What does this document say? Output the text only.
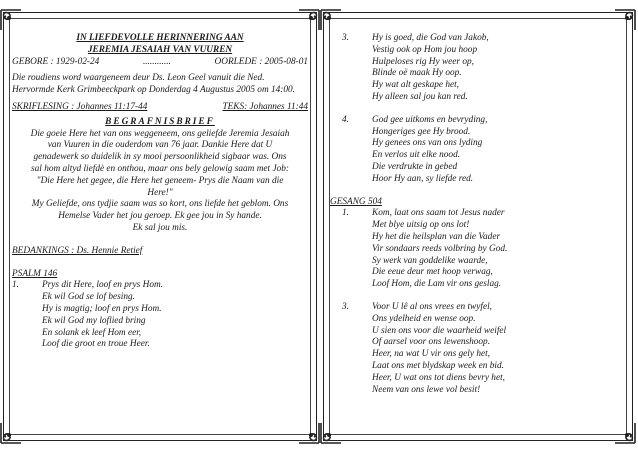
IN LIEFDEVOLLE HERINNERING AAN
JEREMIA JESAIAH VAN VUUREN
GEBORE : 1929-02-24	............	OORLEDE : 2005-08-01
Die roudiens word waargeneem deur Ds. Leon Geel vanuit die Ned. Hervormde Kerk Grimbeeckpark op Donderdag 4 Augustus 2005 om 14:00.
SKRIFLESING : Johannes 11:17-44	TEKS: Johannes 11:44
BEGRAFNISBRIEF
Die goeie Here het van ons weggeneem, ons geliefde Jeremia Jesaiah
van Vuuren in die ouderdom van 76 jaar. Dankie Here dat U
genadewerk so duidelik in sy mooi persoonlikheid sigbaar was. Ons
sal hom altyd liefdè en onthou, maar ons bely gelowig saam met Job:
"Die Here het gegee, die Here het geneem- Prys die Naam van die
Here!"
My Geliefde, ons tydjie saam was so kort, ons liefde het geblom. Ons
Hemelse Vader het jou geroep. Ek gee jou in Sy hande.
Ek sal jou mis.
BEDANKINGS : Ds. Hennie Retief
PSALM 146
1.	Prys dit Here, loof en prys Hom.
Ek wil God se lof besing.
Hy is magtig; loof en prys Hom.
Ek wil God my loflied bring
En solank ek leef Hom eer,
Loof die groot en troue Heer.
3.	Hy is goed, die God van Jakob,
Vestig ook op Hom jou hoop
Hulpeloses rig Hy weer op,
Blinde oë maak Hy oop.
Hy wat alt geskape het,
Hy alleen sal jou kan red.
4.	God gee uitkoms en bevryding,
Hongeriges gee Hy brood.
Hy genees ons van ons lyding
En verlos uit elke nood.
Die verdrukte in gebed
Hoor Hy aan, sy liefde red.
GESANG 504
1.	Kom, laat ons saam tot Jesus nader
Met blye uitsig op ons lot!
Hy het die heilsplan van die Vader
Vir sondaars reeds volbring by God.
Sy werk van goddelike waarde,
Die eeue deur met hoop verwag,
Loof Hom, die Lam vir ons geslag.
3.	Voor U lê al ons vrees en twyfel,
Ons ydelheid en wense oop.
U sien ons voor die waarheid weifel
Of aarsel voor ons lewenshoop.
Heer, na wat U vir ons gely het,
Laat ons met blydskap week en bid.
Heer, U wat ons tot diens bevry het,
Neem van ons lewe vol besit!
